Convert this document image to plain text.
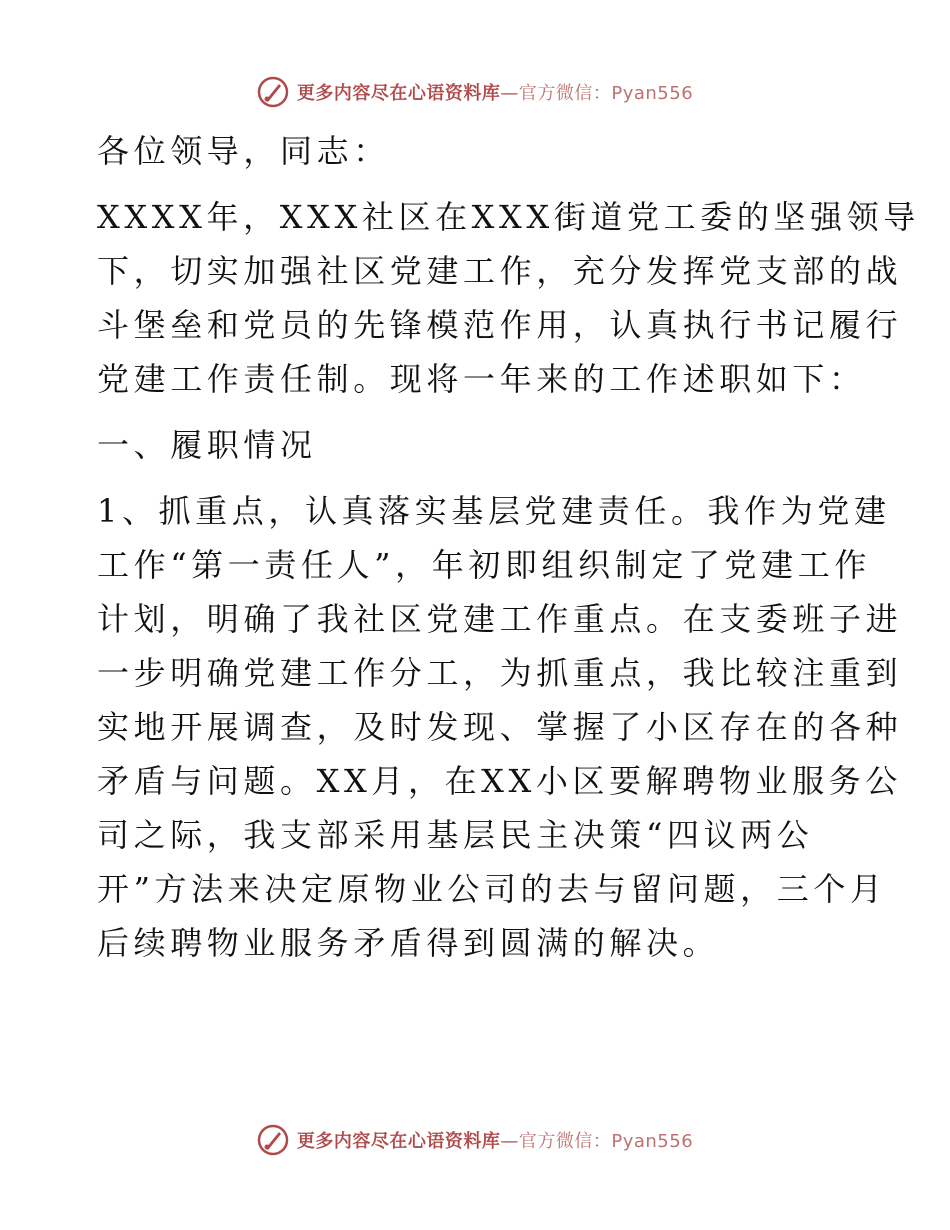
更多内容尽在心语资料库—官方微信：Pyan556

各位领导，同志：

XXXX年，XXX社区在XXX街道党工委的坚强领导
下，切实加强社区党建工作，充分发挥党支部的战
斗堡垒和党员的先锋模范作用，认真执行书记履行
党建工作责任制。现将一年来的工作述职如下：

一、履职情况

1、抓重点，认真落实基层党建责任。我作为党建
工作“第一责任人”，年初即组织制定了党建工作
计划，明确了我社区党建工作重点。在支委班子进
一步明确党建工作分工，为抓重点，我比较注重到
实地开展调查，及时发现、掌握了小区存在的各种
矛盾与问题。XX月，在XX小区要解聘物业服务公
司之际，我支部采用基层民主决策“四议两公
开”方法来决定原物业公司的去与留问题，三个月
后续聘物业服务矛盾得到圆满的解决。

更多内容尽在心语资料库—官方微信：Pyan556
